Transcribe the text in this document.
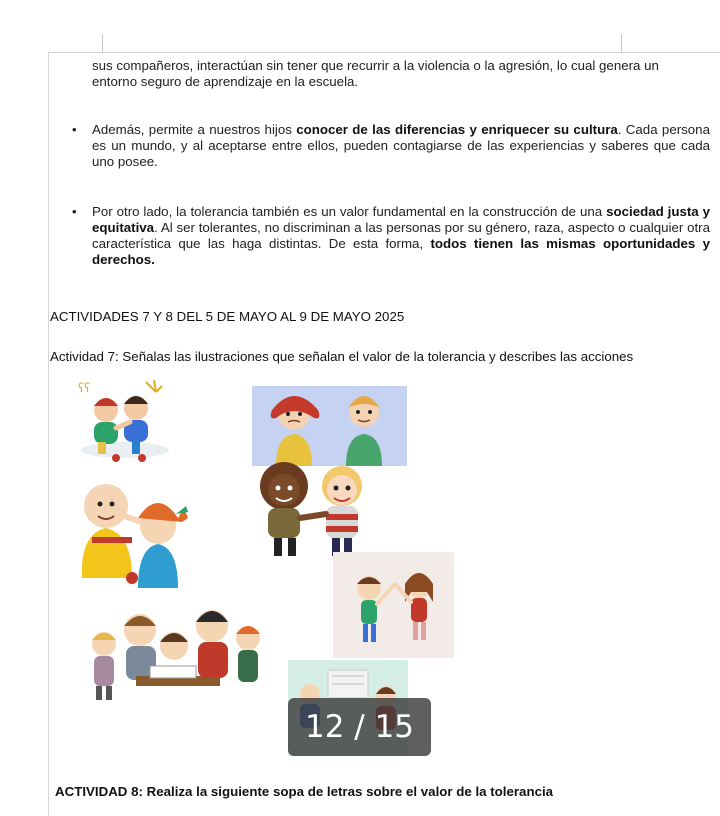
sus compañeros, interactúan sin tener que recurrir a la violencia o la agresión, lo cual genera un
entorno seguro de aprendizaje en la escuela.
• Además, permite a nuestros hijos conocer de las diferencias y enriquecer su cultura. Cada persona es un mundo, y al aceptarse entre ellos, pueden contagiarse de las experiencias y saberes que cada uno posee.
• Por otro lado, la tolerancia también es un valor fundamental en la construcción de una sociedad justa y equitativa. Al ser tolerantes, no discriminan a las personas por su género, raza, aspecto o cualquier otra característica que las haga distintas. De esta forma, todos tienen las mismas oportunidades y derechos.
ACTIVIDADES 7 Y 8 DEL 5 DE MAYO AL 9 DE MAYO 2025
Actividad 7: Señalas las ilustraciones que señalan el valor de la tolerancia y describes las acciones
ʕʕ
12 / 15
ACTIVIDAD 8: Realiza la siguiente sopa de letras sobre el valor de la tolerancia
